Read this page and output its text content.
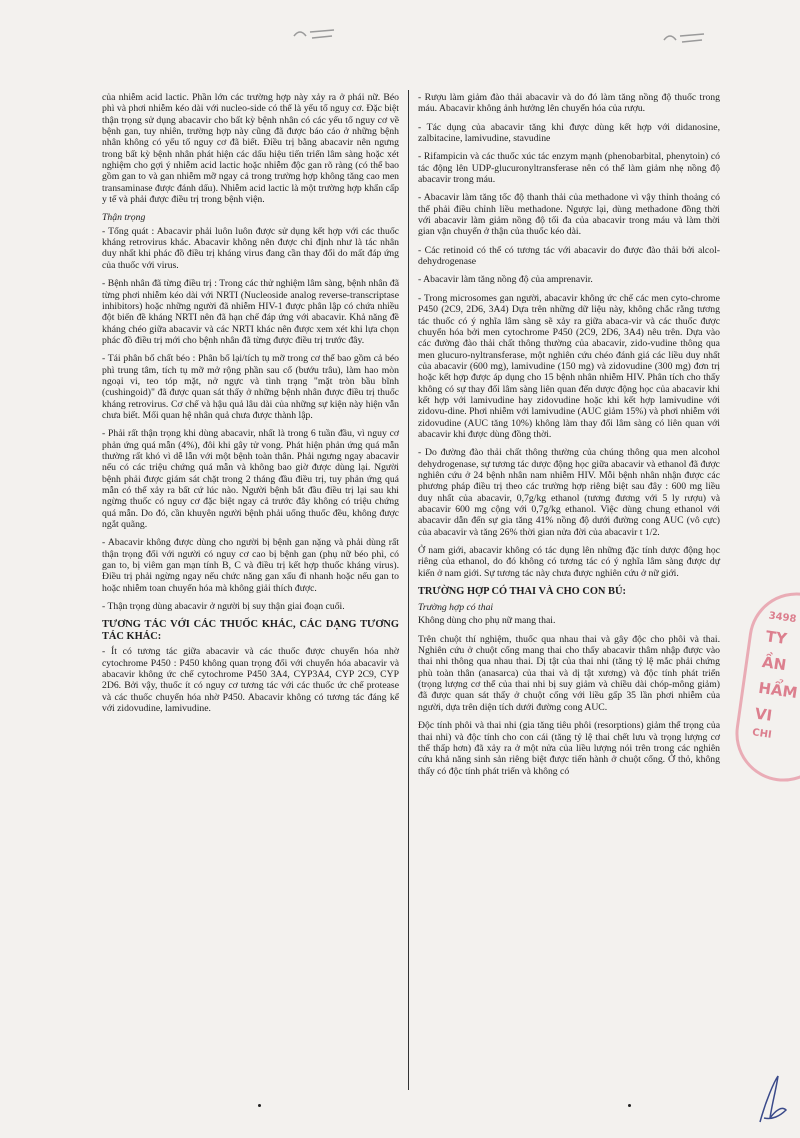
của nhiễm acid lactic. Phần lớn các trường hợp này xảy ra ở phái nữ. Béo phì và phơi nhiễm kéo dài với nucleo-side có thể là yếu tố nguy cơ. Đặc biệt thận trọng sử dụng abacavir cho bất kỳ bệnh nhân có các yếu tố nguy cơ về bệnh gan, tuy nhiên, trường hợp này cũng đã được báo cáo ở những bệnh nhân không có yếu tố nguy cơ đã biết. Điều trị bằng abacavir nên ngưng trong bất kỳ bệnh nhân phát hiện các dấu hiệu tiến triển lâm sàng hoặc xét nghiệm cho gợi ý nhiễm acid lactic hoặc nhiễm độc gan rõ ràng (có thể bao gồm gan to và gan nhiễm mỡ ngay cả trong trường hợp không tăng cao men transaminase được đánh dấu). Nhiễm acid lactic là một trường hợp khẩn cấp y tế và phải được điều trị trong bệnh viện.

Thận trọng

- Tổng quát : Abacavir phải luôn luôn được sử dụng kết hợp với các thuốc kháng retrovirus khác. Abacavir không nên được chỉ định như là tác nhân duy nhất khi phác đồ điều trị kháng virus đang cần thay đổi do mất đáp ứng của thuốc với virus.

- Bệnh nhân đã từng điều trị : Trong các thử nghiệm lâm sàng, bệnh nhân đã từng phơi nhiễm kéo dài với NRTI (Nucleoside analog reverse-transcriptase inhibitors) hoặc những người đã nhiễm HIV-1 được phân lập có chứa nhiều đột biến đề kháng NRTI nên đã hạn chế đáp ứng với abacavir. Khả năng đề kháng chéo giữa abacavir và các NRTI khác nên được xem xét khi lựa chọn phác đồ điều trị mới cho bệnh nhân đã từng được điều trị trước đây.

- Tái phân bố chất béo : Phân bố lại/tích tụ mỡ trong cơ thể bao gồm cả béo phì trung tâm, tích tụ mỡ mở rộng phần sau cổ (bướu trâu), làm hao mòn ngoại vi, teo tóp mặt, nở ngực và tình trạng "mặt tròn bầu bĩnh (cushingoid)" đã được quan sát thấy ở những bệnh nhân được điều trị thuốc kháng retrovirus. Cơ chế và hậu quả lâu dài của những sự kiện này hiện vẫn chưa biết. Mối quan hệ nhân quả chưa được thành lập.

- Phải rất thận trọng khi dùng abacavir, nhất là trong 6 tuần đầu, vì nguy cơ phản ứng quá mẫn (4%), đôi khi gây tử vong. Phát hiện phản ứng quá mẫn thường rất khó vì dễ lẫn với một bệnh toàn thân. Phải ngưng ngay abacavir nếu có các triệu chứng quá mẫn và không bao giờ được dùng lại. Người bệnh phải được giám sát chặt trong 2 tháng đầu điều trị, tuy phản ứng quá mẫn có thể xảy ra bất cứ lúc nào. Người bệnh bắt đầu điều trị lại sau khi ngừng thuốc có nguy cơ đặc biệt ngay cả trước đây không có triệu chứng quá mẫn. Do đó, cần khuyên người bệnh phải uống thuốc đều, không được ngắt quãng.

- Abacavir không được dùng cho người bị bệnh gan nặng và phải dùng rất thận trọng đối với người có nguy cơ cao bị bệnh gan (phụ nữ béo phì, có gan to, bị viêm gan mạn tính B, C và điều trị kết hợp thuốc kháng virus). Điều trị phải ngừng ngay nếu chức năng gan xấu đi nhanh hoặc nếu gan to hoặc nhiễm toan chuyển hóa mà không giải thích được.

- Thận trọng dùng abacavir ở người bị suy thận giai đoạn cuối.

TƯƠNG TÁC VỚI CÁC THUỐC KHÁC, CÁC DẠNG TƯƠNG TÁC KHÁC:

- Ít có tương tác giữa abacavir và các thuốc được chuyển hóa nhờ cytochrome P450 : P450 không quan trọng đối với chuyển hóa abacavir và abacavir không ức chế cytochrome P450 3A4, CYP3A4, CYP 2C9, CYP 2D6. Bởi vậy, thuốc ít có nguy cơ tương tác với các thuốc ức chế protease và các thuốc chuyển hóa nhờ P450. Abacavir không có tương tác đáng kể với zidovudine, lamivudine.

- Rượu làm giảm đào thải abacavir và do đó làm tăng nồng độ thuốc trong máu. Abacavir không ảnh hưởng lên chuyển hóa của rượu.

- Tác dụng của abacavir tăng khi được dùng kết hợp với didanosine, zalbitacine, lamivudine, stavudine

- Rifampicin và các thuốc xúc tác enzym mạnh (phenobarbital, phenytoin) có tác động lên UDP-glucuronyltransferase nên có thể làm giảm nhẹ nồng độ abacavir trong máu.

- Abacavir làm tăng tốc độ thanh thải của methadone vì vậy thỉnh thoảng có thể phải điều chỉnh liều methadone. Ngược lại, dùng methadone đồng thời với abacavir làm giảm nồng độ tối đa của abacavir trong máu và làm thời gian vận chuyển ở thận của thuốc kéo dài.

- Các retinoid có thể có tương tác với abacavir do được đào thải bởi alcol-dehydrogenase

- Abacavir làm tăng nồng độ của amprenavir.

- Trong microsomes gan người, abacavir không ức chế các men cyto-chrome P450 (2C9, 2D6, 3A4) Dựa trên những dữ liệu này, không chắc rằng tương tác thuốc có ý nghĩa lâm sàng sẽ xảy ra giữa abaca-vir và các thuốc được chuyển hóa bởi men cytochrome P450 (2C9, 2D6, 3A4) nêu trên. Dựa vào các đường đào thải chất thông thường của abacavir, zido-vudine thông qua men glucuro-nyltransferase, một nghiên cứu chéo đánh giá các liều duy nhất của abacavir (600 mg), lamivudine (150 mg) và zidovudine (300 mg) đơn trị hoặc kết hợp được áp dụng cho 15 bệnh nhân nhiễm HIV. Phân tích cho thấy không có sự thay đổi lâm sàng liên quan đến dược động học của abacavir khi kết hợp với lamivudine hay zidovudine hoặc khi kết hợp lamivudine với zidovu-dine. Phơi nhiễm với lamivudine (AUC giảm 15%) và phơi nhiễm với zidovudine (AUC tăng 10%) không làm thay đổi lâm sàng có liên quan với abacavir khi được dùng đồng thời.

- Do đường đào thải chất thông thường của chúng thông qua men alcohol dehydrogenase, sự tương tác dược động học giữa abacavir và ethanol đã được nghiên cứu ở 24 bệnh nhân nam nhiễm HIV. Mỗi bệnh nhân nhận được các phương pháp điều trị theo các trường hợp riêng biệt sau đây : 600 mg liều duy nhất của abacavir, 0,7g/kg ethanol (tương đương với 5 ly rượu) và abacavir 600 mg cộng với 0,7g/kg ethanol. Việc dùng chung ethanol với abacavir dẫn đến sự gia tăng 41% nồng độ dưới đường cong AUC (vô cực) của abacavir và tăng 26% thời gian nửa đời của abacavir t 1/2.

Ở nam giới, abacavir không có tác dụng lên những đặc tính dược động học riêng của ethanol, do đó không có tương tác có ý nghĩa lâm sàng được dự kiến ở nam giới. Sự tương tác này chưa được nghiên cứu ở nữ giới.

TRƯỜNG HỢP CÓ THAI VÀ CHO CON BÚ:
Trường hợp có thai

Không dùng cho phụ nữ mang thai.

Trên chuột thí nghiệm, thuốc qua nhau thai và gây độc cho phôi và thai. Nghiên cứu ở chuột cống mang thai cho thấy abacavir thâm nhập được vào thai nhi thông qua nhau thai. Dị tật của thai nhi (tăng tỷ lệ mắc phải chứng phù toàn thân (anasarca) của thai và dị tật xương) và độc tính phát triển (trọng lượng cơ thể của thai nhi bị suy giảm và chiều dài chóp-mông giảm) đã được quan sát thấy ở chuột cống với liều gấp 35 lần phơi nhiễm của người, dựa trên diện tích dưới đường cong AUC.

Độc tính phôi và thai nhi (gia tăng tiêu phôi (resorptions) giảm thể trọng của thai nhi) và độc tính cho con cái (tăng tỷ lệ thai chết lưu và trọng lượng cơ thể thấp hơn) đã xảy ra ở một nửa của liều lượng nói trên trong các nghiên cứu khả năng sinh sản riêng biệt được tiến hành ở chuột cống. Ở thỏ, không thấy có độc tính phát triển và không có

3498
TY
ẦN
HẨM
VI
CHI
